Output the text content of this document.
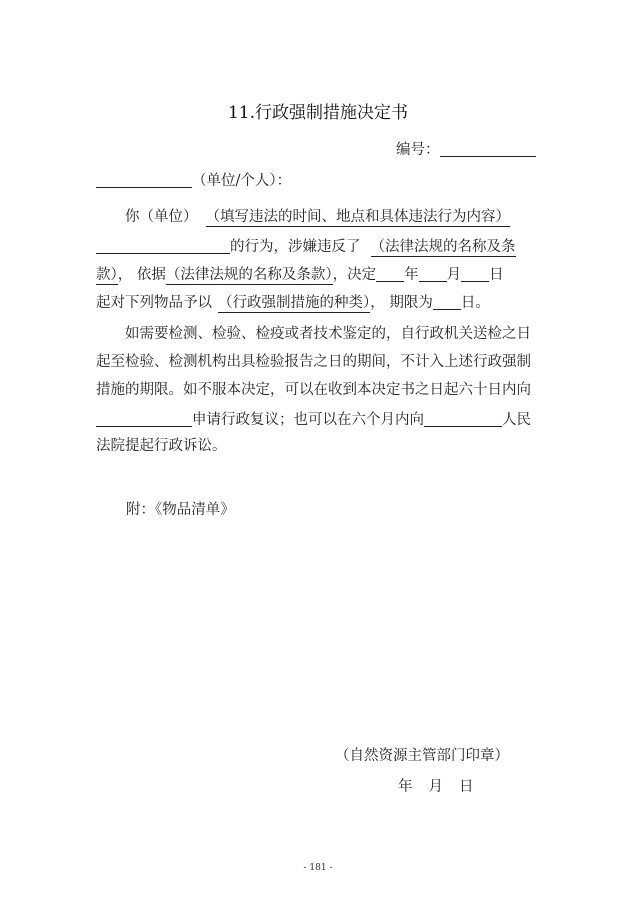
11.行政强制措施决定书
编号：
（单位/个人）：
你（单位） （填写违法的时间、地点和具体违法行为内容）
的行为，涉嫌违反了 （法律法规的名称及条
款）， 依据（法律法规的名称及条款），决定 年 月 日
起对下列物品予以 （行政强制措施的种类）， 期限为 日。
如需要检测、检验、检疫或者技术鉴定的，自行政机关送检之日
起至检验、检测机构出具检验报告之日的期间，不计入上述行政强制
措施的期限。如不服本决定，可以在收到本决定书之日起六十日内向
申请行政复议；也可以在六个月内向	人民
法院提起行政诉讼。
附：《物品清单》
（自然资源主管部门印章）
年 月 日
- 181 -
